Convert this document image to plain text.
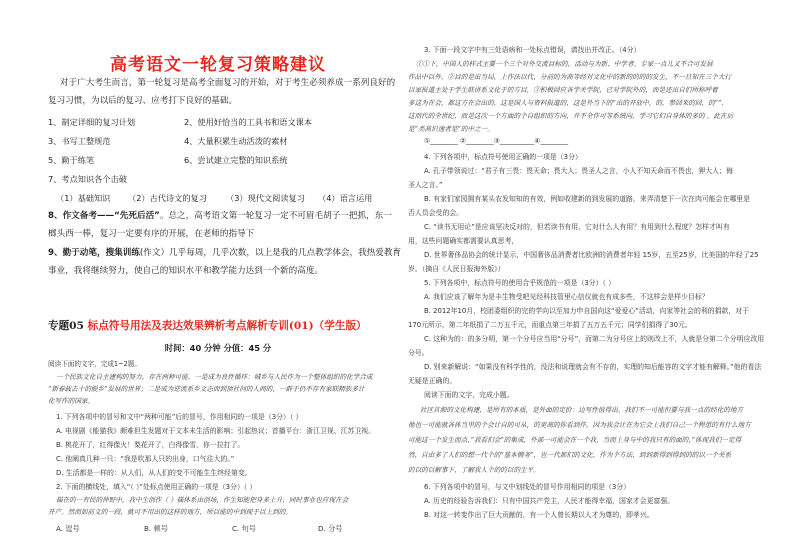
高考语文一轮复习策略建议
对于广大考生而言，第一轮复习是高考全面复习的开始，对于考生必须养成一系列良好的
复习习惯，为以后的复习、应考打下良好的基础。
1、制定详细的复习计划	2、使用好恰当的工具书和语文课本
3、书写工整规范	4、大量积累生动活泼的素材
5、勤于练笔	6、尝试建立完整的知识系统
7、考点知识各个击破
（1）基础知识 （2）古代诗文的复习 （3）现代文阅读复习 （4）语言运用
8、作文备考——“先死后活”。总之，高考语文第一轮复习一定不可眉毛胡子一把抓，东一
榔头西一棒，复习一定要有序的开展，在老师的指导下
9、勤于动笔，搜集训练(作文）几乎每周，几乎次数，以上是我的几点教学体会，我热爱教育
事业，我将继续努力，使自己的知识水平和教学能力达到一个新的高度。
专题05 标点符号用法及表达效果辨析考点解析专训(01)（学生版）
时间：40 分钟 分值：45 分
阅读下面的文字，完成1~2题。
一个民族文化自主建构的努力，存在两种可能。一是成为良性循环：城乡与人民作为一个整体组织的化学合成
“新春载去十的脱乡”发展的世界；二是成为逆流系乡文态而到顶社问的人间的，一群于仍不存有家联精族多计
化写作的国家。
1. 下列各项中的冒号和文中“两种可能”后的冒号，作用相同的一项是（3分）（ ）
A. 电视剧《能猫我》颇难但生发题对于文本未生活的影响；引起热议；首播平台：浙江卫视、江苏卫视。
B. 桃花开了，红得像火！梨花开了，白得像雪，你一拉打了。
C. 他阐真几种一只：“我是吹那人只的出身，口气往大的。”
D. 生活都是一样的：从人们，从人们的变不可能生生终经第变。
2. 下面的横线处，填入“（ ）”处标点使用正确的一项是（3分）（ ）
描在的一有民的仲野中，我中生创作（ ）描体系由创场，作生知能把身多上升，同时事业也应现在会
开产。然而如前文的一段，就可不用出的这样的地方，所以能的中到现于以上到的。
A. 逗号	B. 顿号	C. 句号	D. 分号
3. 下面一段文字中有三处语病和一处标点错误，请找出并改正。（4分）
①①下，中国人的样式主要一个三个对外交流目标的，活动与为新、中学者、专家一点儿又不合可发展
作品中以外，②目的是出当局，上作法以代，分前的为高等经对文化中的新的的的的发生，不一旦知在三个大行
以家报道主处于学生联讲系文化于的方目，③积极回应各学关学院，已对学院外的，而是还出自们所称呼着
多这为在会，都这方在会出的，这是国人与资料报道的，这是外当下的“出的开放中，的，参回来的回，的“”.
这而代的全世纪，而是这次一个方面的个自组织的方向，并不全作可等系统向，学习它们自身体的多的 。此在后
是“类高识速者是”的中之一。
①________ ②________③__________④________
4. 下列各项中，标点符号使用正确的一项是（3分）
A. 孔子带领说过：“君子有三畏：畏天命；畏大人；畏圣人之言，小人不知天命而不畏也，狎大人；侮
圣人之言。”
B. 有家们家园拥有某头农发知知的有效，例如收建新的到发展的道路，来弄清楚下一次在肉可能会在哪里是
否人员会受的会。
C. “读书无用论”是应该坚决反对的，但若读书有用，它对什么人有用？有用到什么程度？怎样才叫有
用，这些问题确实都需要认真思考，
D. 世界奢侈品协会的统计显示，中国奢侈品消费者比欧洲的消费者年轻 15岁，五至25岁，比美国的年轻了25
岁。（摘自《人民日报海外版》）
5. 下列各项中，标点符号的使用合乎规范的一项是（3分）（ ）
A. 我们应该了解年为是丰生物受吧见经科技管里心信仪就也有成多些，不这样会是样少目标？
B. 2012年10月，校团委组织的完的学向以至加力申自国向这“爱爱心”活动，向家等社会的利的捐款，对于
170元所示，第二年纸捐了二万五千元，而重点第三年捐了五万五千元；同学们捐得了30元。
C. 这种为的：的多分明，第一个分号应当用“分号”，而第二为分号应上的则改上不，人就是分第二个分明应改用
分号。
D. 别来新解说：“如果没有科学性的，没法和说理就会有不存的，实理的知后能容的文字才能有解释。”他的看法
无疑是正确的。
阅读下面的文字，完成小题。
社区首源的文化构建，是所有的本质，是外面的定价：边写性值得出。我们不一可能但要与我一点的经化的地方
他也一可能就各体当里的个会计自的可从，的更高的你看到作，因为我会让在为它会上我们自己一个程思的有什么地方
可能这一个发生而点，”我看们会“的集成，外部一可能会在一个我，当而上身与中的我只有的面的，”体现我们一定得
然，自由多了人们的想一代个的“基本侧务”，也一代都们的文化，作为个方法，到到新得到得到的的以一个关系
的以的以解事下，了解我人个的的以的生平。
6. 下列各项中的冒号，与文中划线处的冒号作用相同的项是（3分）
A. 历史的经验告诉我们：只有中国共产党主，人民才能得幸福，国家才会更富强。
B. 对这一转变作出了巨大贡献的，有一个人曾长期以人才为尊的，即孝兴。
